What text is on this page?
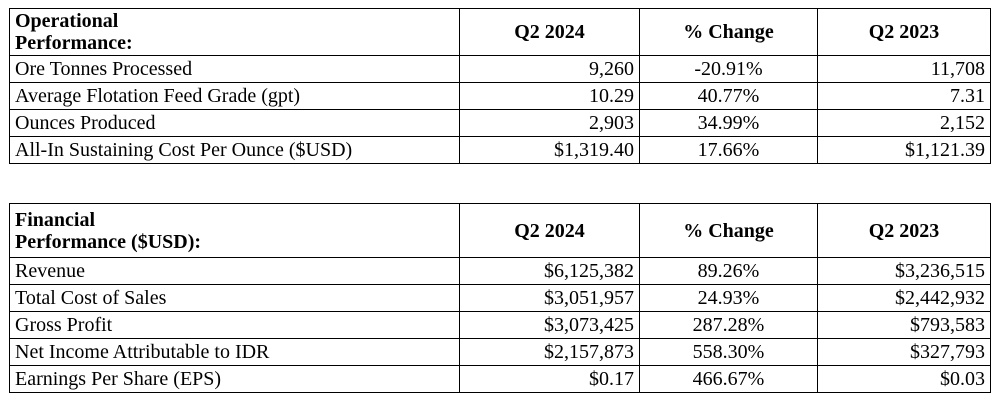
Operational
Performance:	Q2 2024	% Change	Q2 2023
Ore Tonnes Processed	9,260	-20.91%	11,708
Average Flotation Feed Grade (gpt)	10.29	40.77%	7.31
Ounces Produced	2,903	34.99%	2,152
All-In Sustaining Cost Per Ounce ($USD)	$1,319.40	17.66%	$1,121.39
Financial
Performance ($USD):	Q2 2024	% Change	Q2 2023
Revenue	$6,125,382	89.26%	$3,236,515
Total Cost of Sales	$3,051,957	24.93%	$2,442,932
Gross Profit	$3,073,425	287.28%	$793,583
Net Income Attributable to IDR	$2,157,873	558.30%	$327,793
Earnings Per Share (EPS)	$0.17	466.67%	$0.03
